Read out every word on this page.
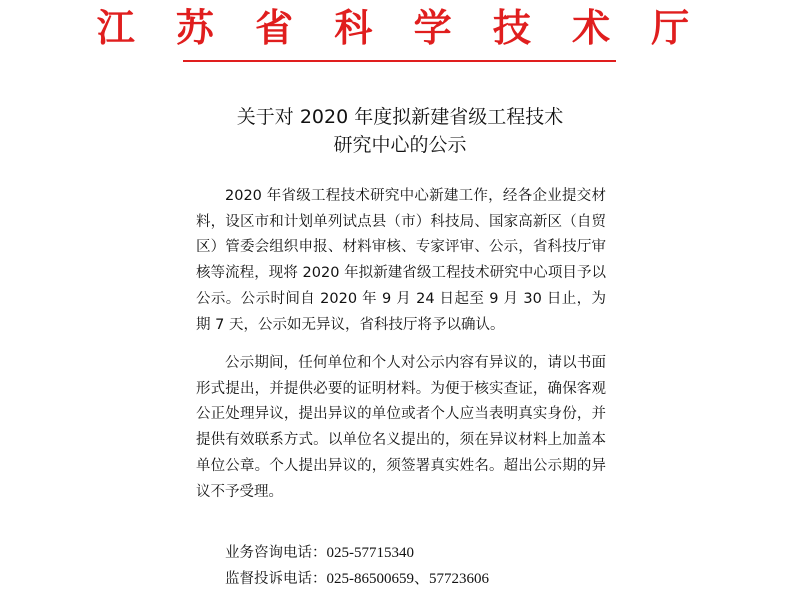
江 苏 省 科 学 技 术 厅
关于对 2020 年度拟新建省级工程技术
研究中心的公示

2020 年省级工程技术研究中心新建工作，经各企业提交材料，设区市和计划单列试点县（市）科技局、国家高新区（自贸区）管委会组织申报、材料审核、专家评审、公示，省科技厅审核等流程，现将 2020 年拟新建省级工程技术研究中心项目予以公示。公示时间自 2020 年 9 月 24 日起至 9 月 30 日止，为期 7 天，公示如无异议，省科技厅将予以确认。

公示期间，任何单位和个人对公示内容有异议的，请以书面形式提出，并提供必要的证明材料。为便于核实查证，确保客观公正处理异议，提出异议的单位或者个人应当表明真实身份，并提供有效联系方式。以单位名义提出的，须在异议材料上加盖本单位公章。个人提出异议的，须签署真实姓名。超出公示期的异议不予受理。

业务咨询电话：025-57715340
监督投诉电话：025-86500659、57723606
